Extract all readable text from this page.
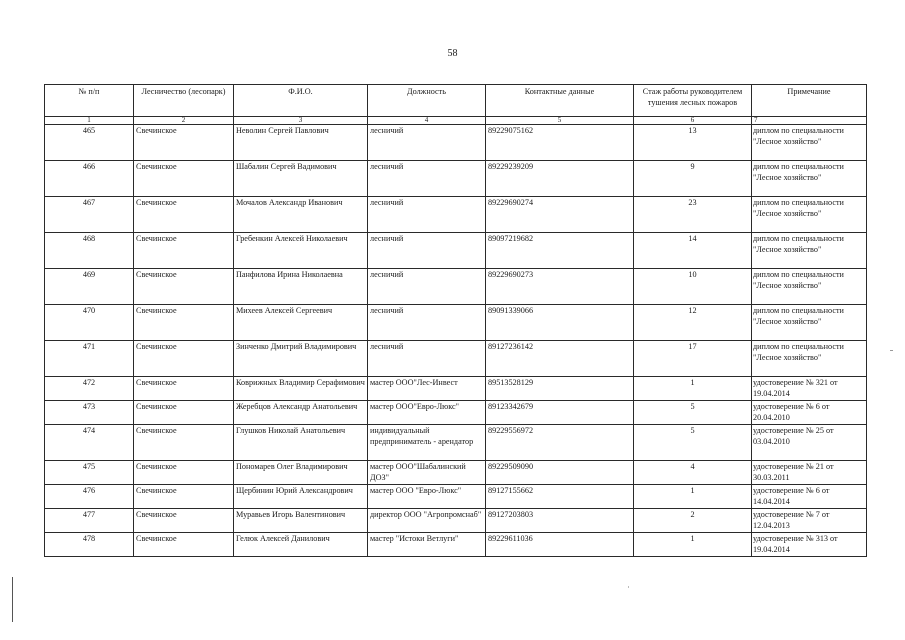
58
№ п/п	Лесничество (лесопарк)	Ф.И.О.	Должность	Контактные данные	Стаж работы руководителем тушения лесных пожаров	Примечание
1	2	3	4	5	6	7
465	Свечинское	Неволин Сергей Павлович	лесничий	89229075162	13	диплом по специальности "Лесное хозяйство"
466	Свечинское	Шабалин Сергей Вадимович	лесничий	89229239209	9	диплом по специальности "Лесное хозяйство"
467	Свечинское	Мочалов Александр Иванович	лесничий	89229690274	23	диплом по специальности "Лесное хозяйство"
468	Свечинское	Гребенкин Алексей Николаевич	лесничий	89097219682	14	диплом по специальности "Лесное хозяйство"
469	Свечинское	Панфилова Ирина Николаевна	лесничий	89229690273	10	диплом по специальности "Лесное хозяйство"
470	Свечинское	Михеев Алексей Сергеевич	лесничий	89091339066	12	диплом по специальности "Лесное хозяйство"
471	Свечинское	Зинченко Дмитрий Владимирович	лесничий	89127236142	17	диплом по специальности "Лесное хозяйство"
472	Свечинское	Коврижных Владимир Серафимович	мастер ООО"Лес-Инвест	89513528129	1	удостоверение № 321 от 19.04.2014
473	Свечинское	Жеребцов Александр Анатольевич	мастер ООО"Евро-Люкс"	89123342679	5	удостоверение № 6 от 20.04.2010
474	Свечинское	Глушков Николай Анатольевич	индивидуальный предприниматель - арендатор	89229556972	5	удостоверение № 25 от 03.04.2010
475	Свечинское	Пономарев Олег Владимирович	мастер ООО"Шабалинский ДОЗ"	89229509090	4	удостоверение № 21 от 30.03.2011
476	Свечинское	Щербинин Юрий Александрович	мастер ООО "Евро-Люкс"	89127155662	1	удостоверение № 6 от 14.04.2014
477	Свечинское	Муравьев Игорь Валентинович	директор ООО "Агропромснаб"	89127203803	2	удостоверение № 7 от 12.04.2013
478	Свечинское	Гелюк Алексей Данилович	мастер "Истоки Ветлуги"	89229611036	1	удостоверение № 313 от 19.04.2014
